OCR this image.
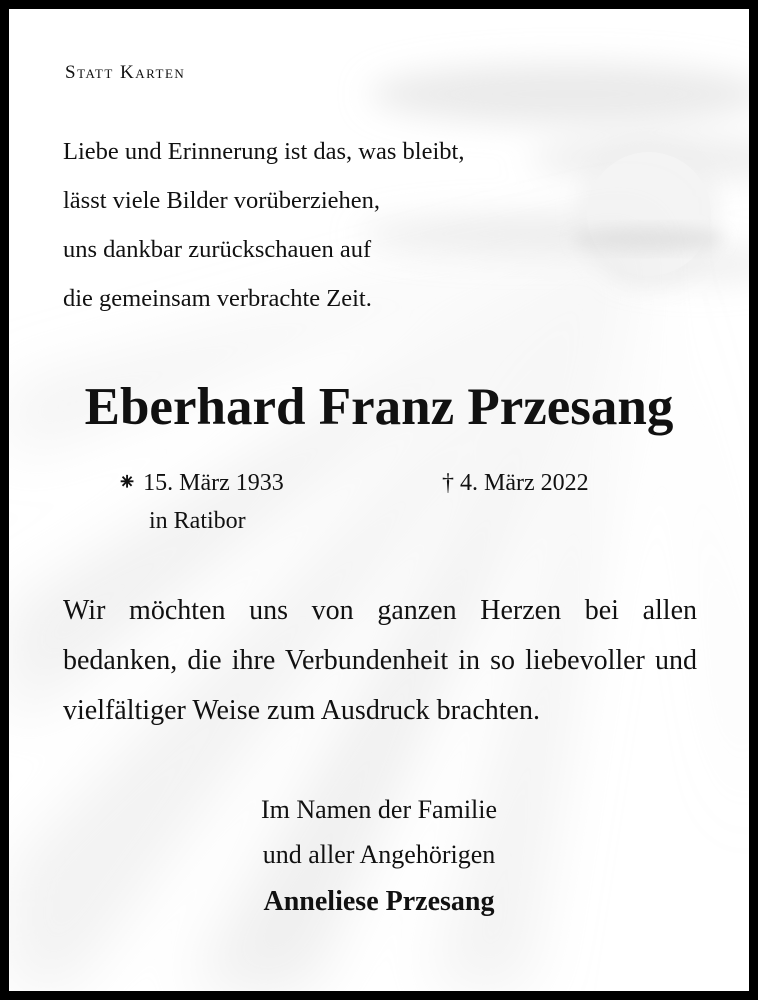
Statt Karten
Liebe und Erinnerung ist das, was bleibt,
lässt viele Bilder vorüberziehen,
uns dankbar zurückschauen auf
die gemeinsam verbrachte Zeit.
Eberhard Franz Przesang
⁕ 15. März 1933
in Ratibor
† 4. März 2022
Wir möchten uns von ganzen Herzen bei allen bedanken, die ihre Verbundenheit in so liebevoller und vielfältiger Weise zum Ausdruck brachten.
Im Namen der Familie
und aller Angehörigen
Anneliese Przesang
